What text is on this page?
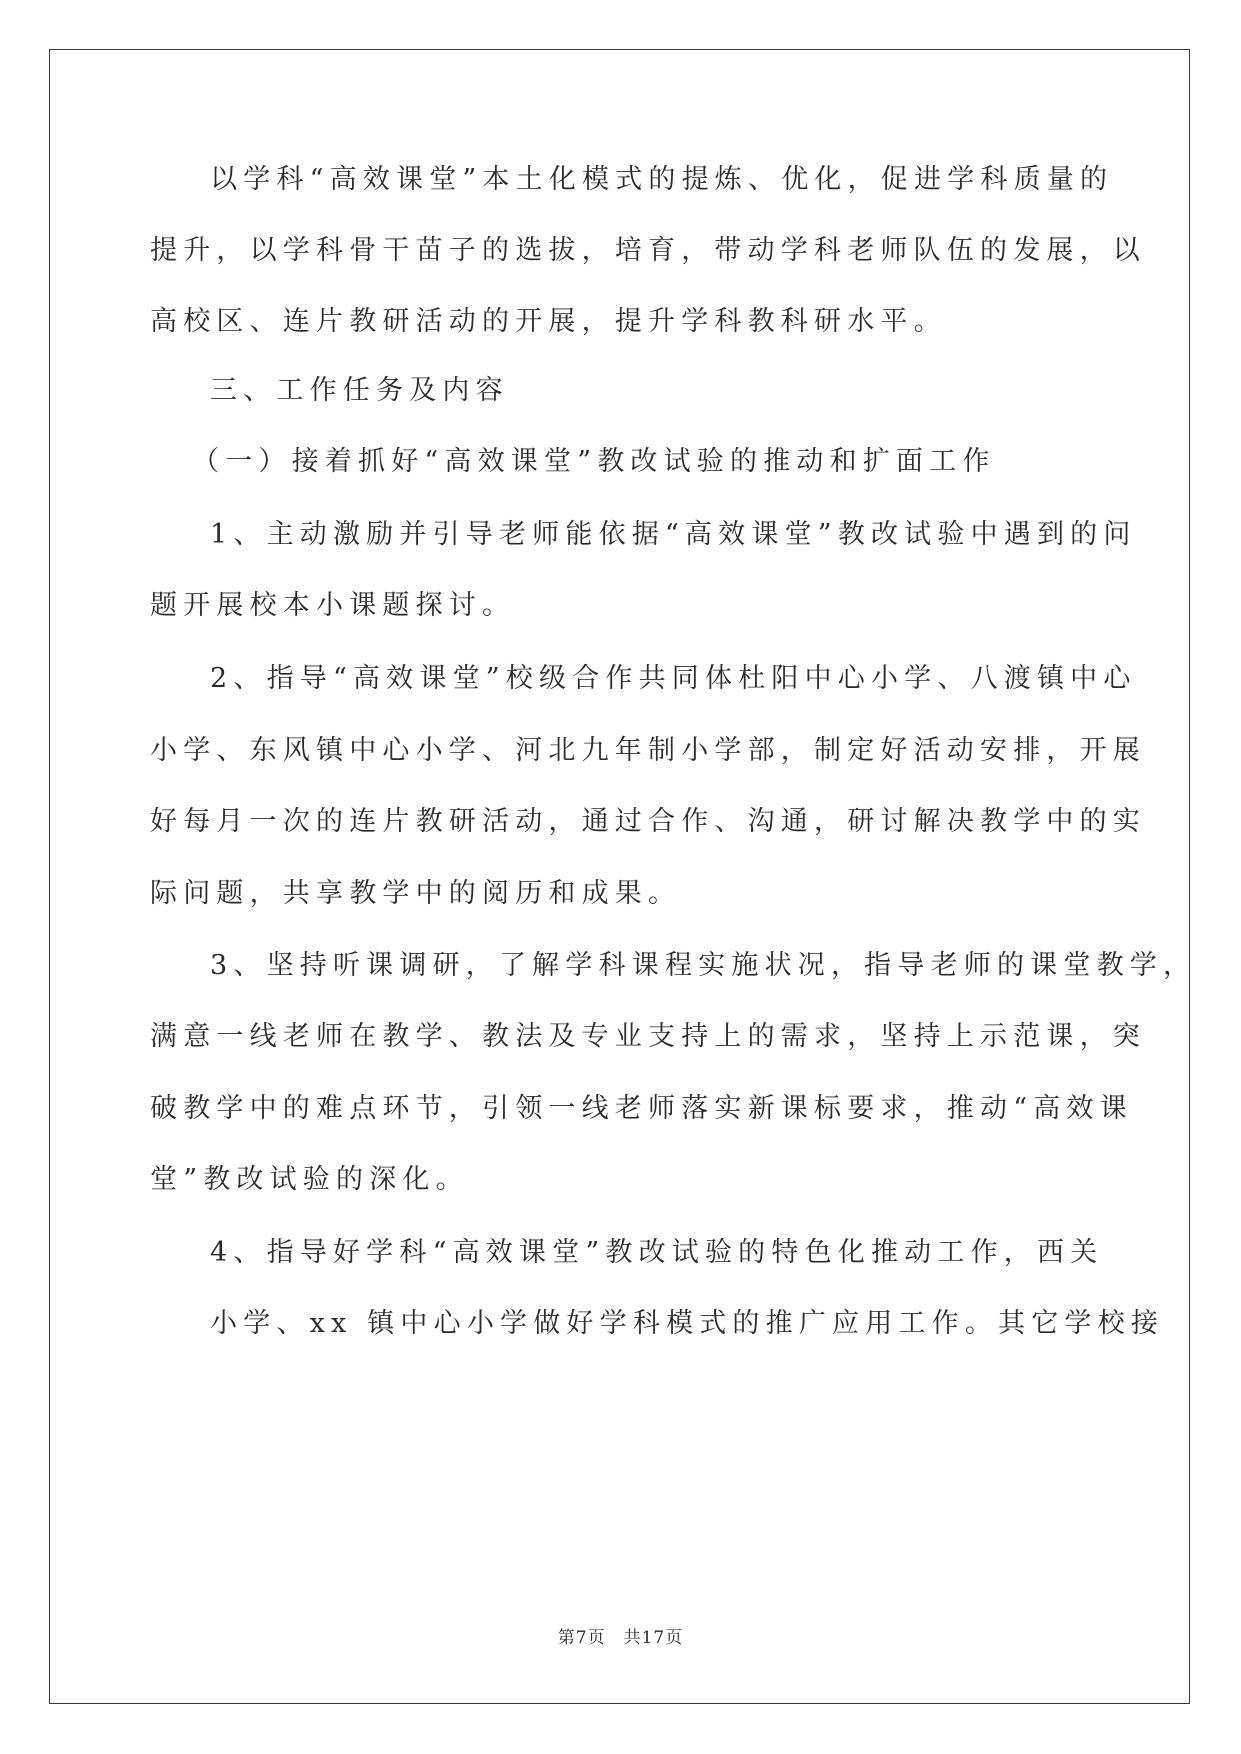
以学科“高效课堂”本土化模式的提炼、优化，促进学科质量的
提升，以学科骨干苗子的选拔，培育，带动学科老师队伍的发展，以
高校区、连片教研活动的开展，提升学科教科研水平。
三、工作任务及内容
（一）接着抓好“高效课堂”教改试验的推动和扩面工作
1、主动激励并引导老师能依据“高效课堂”教改试验中遇到的问
题开展校本小课题探讨。
2、指导“高效课堂”校级合作共同体杜阳中心小学、八渡镇中心
小学、东风镇中心小学、河北九年制小学部，制定好活动安排，开展
好每月一次的连片教研活动，通过合作、沟通，研讨解决教学中的实
际问题，共享教学中的阅历和成果。
3、坚持听课调研，了解学科课程实施状况，指导老师的课堂教学，
满意一线老师在教学、教法及专业支持上的需求，坚持上示范课，突
破教学中的难点环节，引领一线老师落实新课标要求，推动“高效课
堂”教改试验的深化。
4、指导好学科“高效课堂”教改试验的特色化推动工作，西关
小学、xx 镇中心小学做好学科模式的推广应用工作。其它学校接
第7页　共17页
